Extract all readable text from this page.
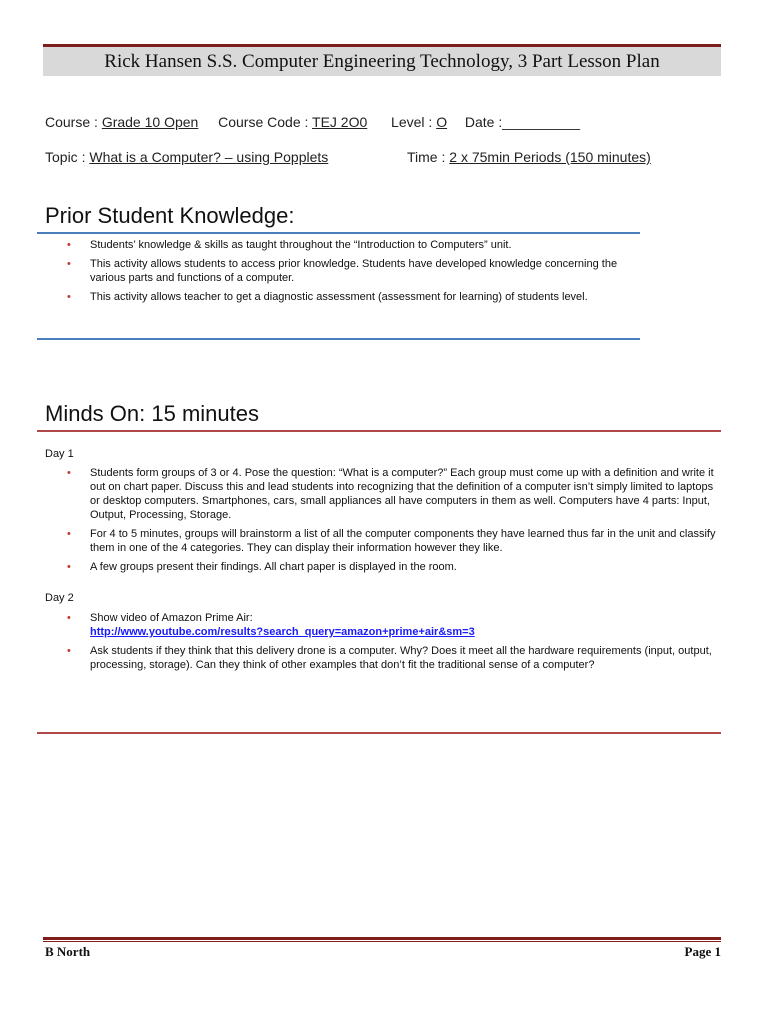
Rick Hansen S.S. Computer Engineering Technology, 3 Part Lesson Plan
Course : Grade 10 Open Course Code : TEJ 2O0 Level : O Date :__________
Topic : What is a Computer? – using Popplets	Time : 2 x 75min Periods (150 minutes)
Prior Student Knowledge:
• Students’ knowledge & skills as taught throughout the “Introduction to Computers” unit.
• This activity allows students to access prior knowledge. Students have developed knowledge concerning the various parts and functions of a computer.
• This activity allows teacher to get a diagnostic assessment (assessment for learning) of students level.
Minds On: 15 minutes
Day 1
• Students form groups of 3 or 4. Pose the question: “What is a computer?” Each group must come up with a definition and write it out on chart paper. Discuss this and lead students into recognizing that the definition of a computer isn’t simply limited to laptops or desktop computers. Smartphones, cars, small appliances all have computers in them as well. Computers have 4 parts: Input, Output, Processing, Storage.
• For 4 to 5 minutes, groups will brainstorm a list of all the computer components they have learned thus far in the unit and classify them in one of the 4 categories. They can display their information however they like.
• A few groups present their findings. All chart paper is displayed in the room.
Day 2
• Show video of Amazon Prime Air:
http://www.youtube.com/results?search_query=amazon+prime+air&sm=3
• Ask students if they think that this delivery drone is a computer. Why? Does it meet all the hardware requirements (input, output, processing, storage). Can they think of other examples that don’t fit the traditional sense of a computer?
B North	Page 1
